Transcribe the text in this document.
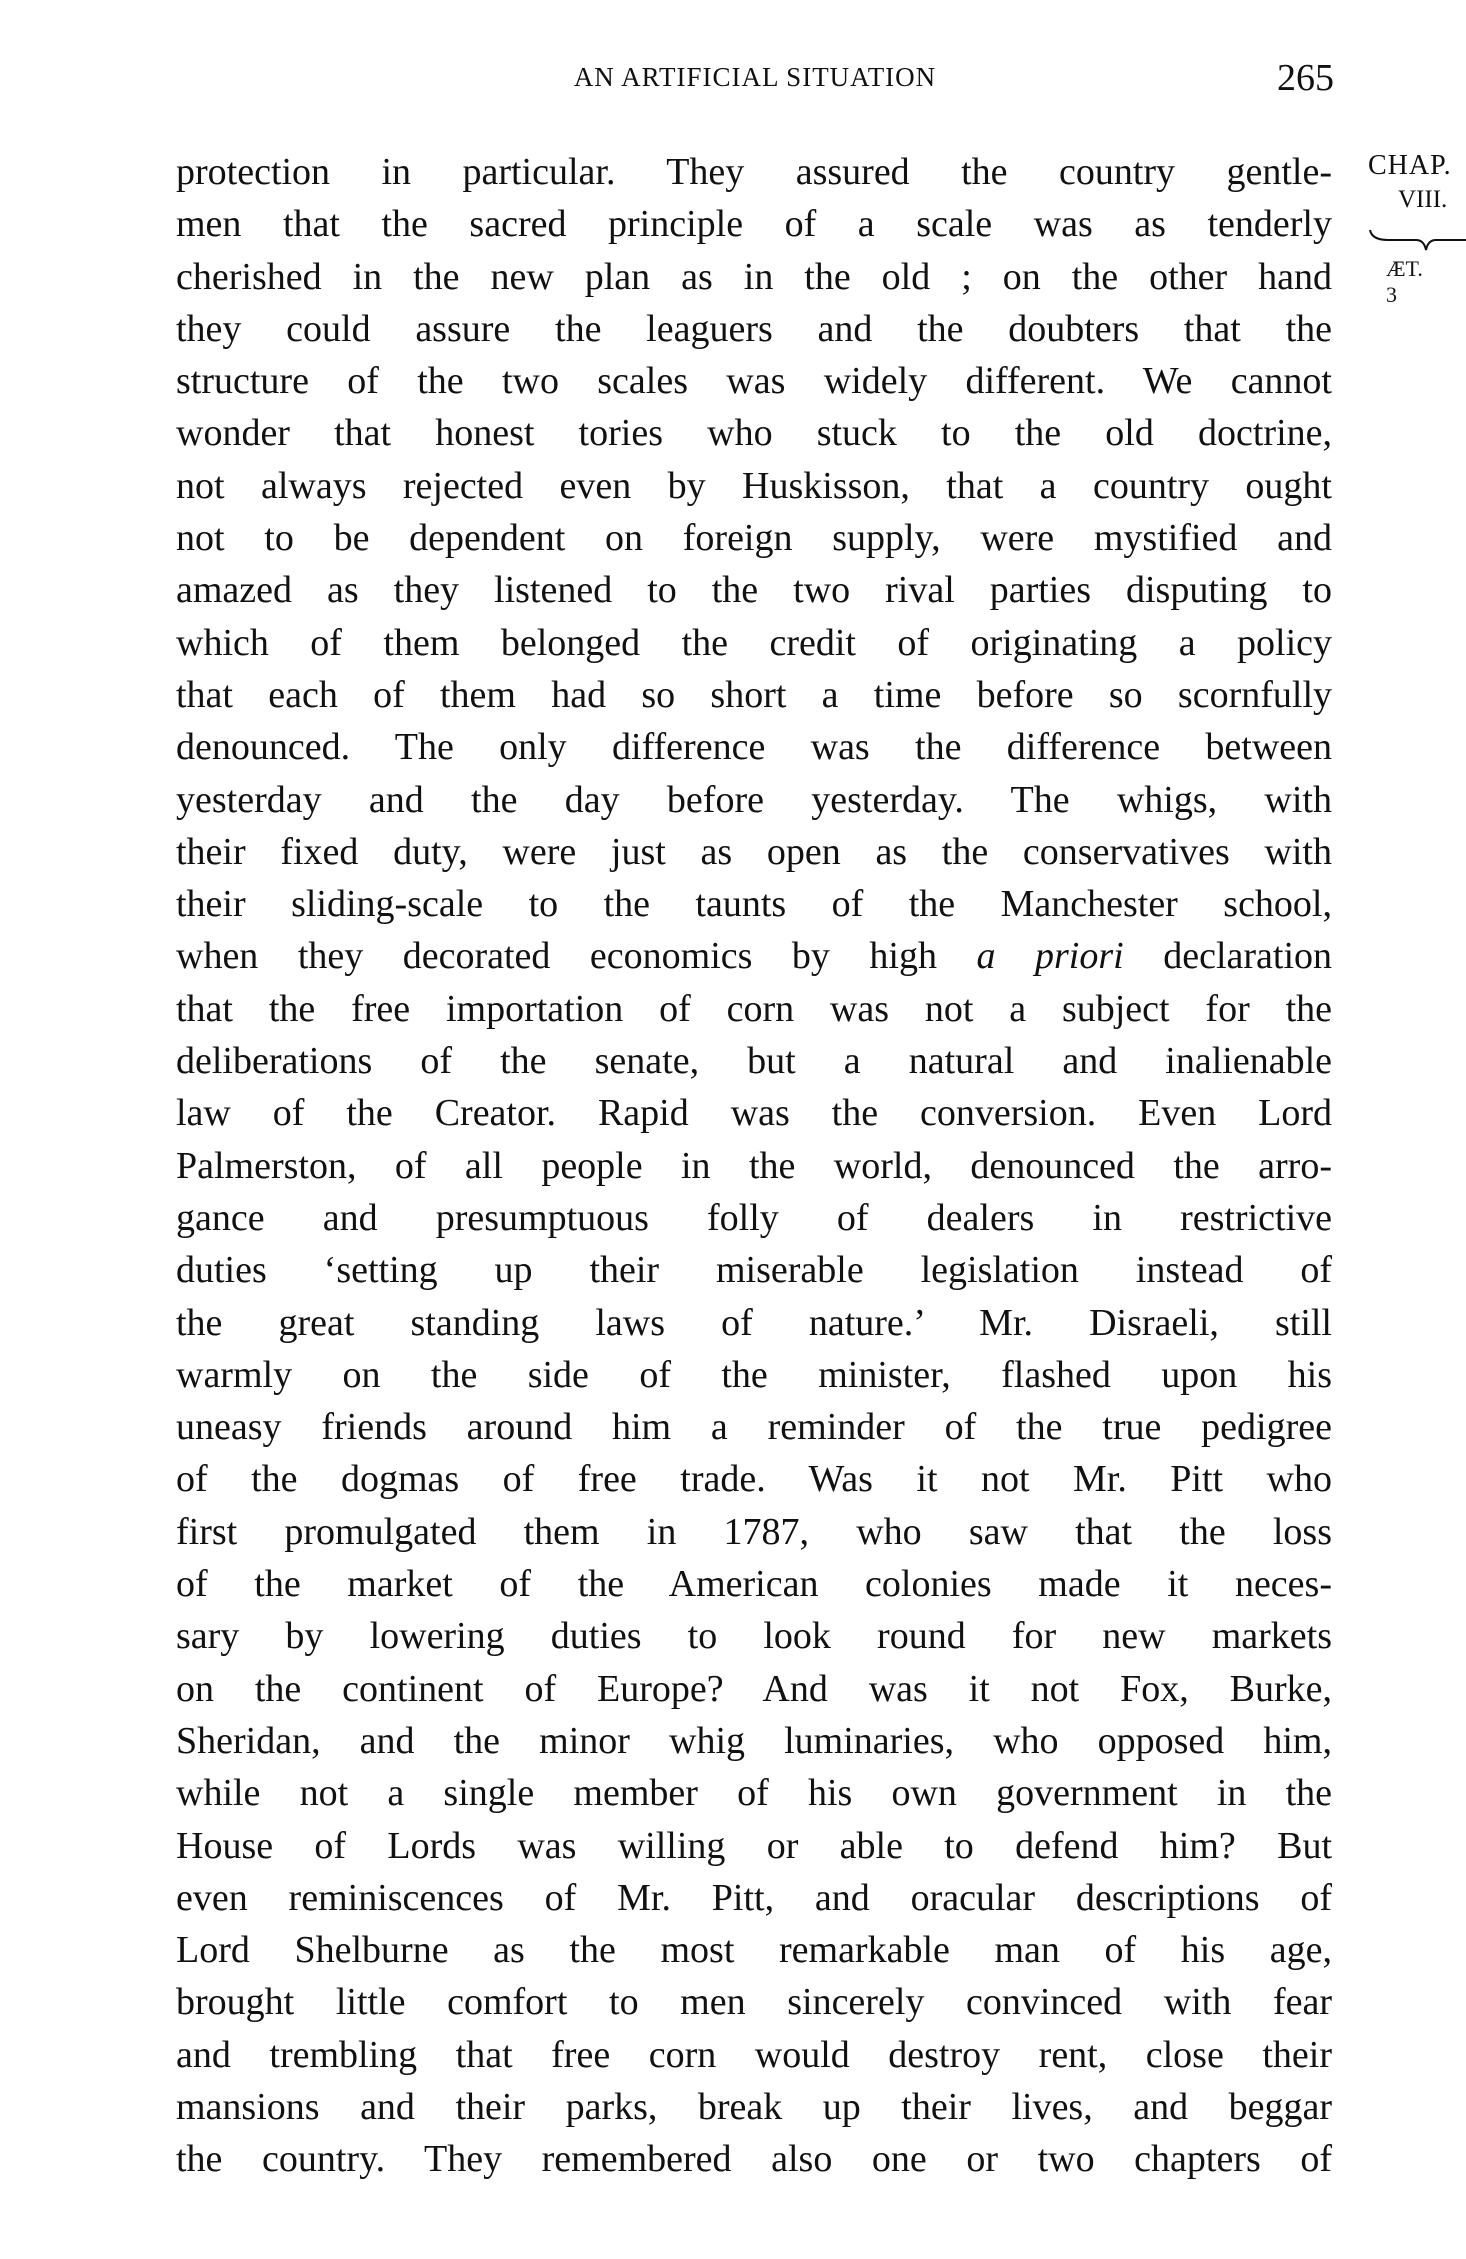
AN ARTIFICIAL SITUATION	265
CHAP.
VIII.
ÆT. 3
protection in particular. They assured the country gentle-
men that the sacred principle of a scale was as tenderly
cherished in the new plan as in the old ; on the other hand
they could assure the leaguers and the doubters that the
structure of the two scales was widely different. We cannot
wonder that honest tories who stuck to the old doctrine,
not always rejected even by Huskisson, that a country ought
not to be dependent on foreign supply, were mystified and
amazed as they listened to the two rival parties disputing to
which of them belonged the credit of originating a policy
that each of them had so short a time before so scornfully
denounced. The only difference was the difference between
yesterday and the day before yesterday. The whigs, with
their fixed duty, were just as open as the conservatives with
their sliding-scale to the taunts of the Manchester school,
when they decorated economics by high a priori declaration
that the free importation of corn was not a subject for the
deliberations of the senate, but a natural and inalienable
law of the Creator. Rapid was the conversion. Even Lord
Palmerston, of all people in the world, denounced the arro-
gance and presumptuous folly of dealers in restrictive
duties ‘setting up their miserable legislation instead of
the great standing laws of nature.’ Mr. Disraeli, still
warmly on the side of the minister, flashed upon his
uneasy friends around him a reminder of the true pedigree
of the dogmas of free trade. Was it not Mr. Pitt who
first promulgated them in 1787, who saw that the loss
of the market of the American colonies made it neces-
sary by lowering duties to look round for new markets
on the continent of Europe? And was it not Fox, Burke,
Sheridan, and the minor whig luminaries, who opposed him,
while not a single member of his own government in the
House of Lords was willing or able to defend him? But
even reminiscences of Mr. Pitt, and oracular descriptions of
Lord Shelburne as the most remarkable man of his age,
brought little comfort to men sincerely convinced with fear
and trembling that free corn would destroy rent, close their
mansions and their parks, break up their lives, and beggar
the country. They remembered also one or two chapters of
